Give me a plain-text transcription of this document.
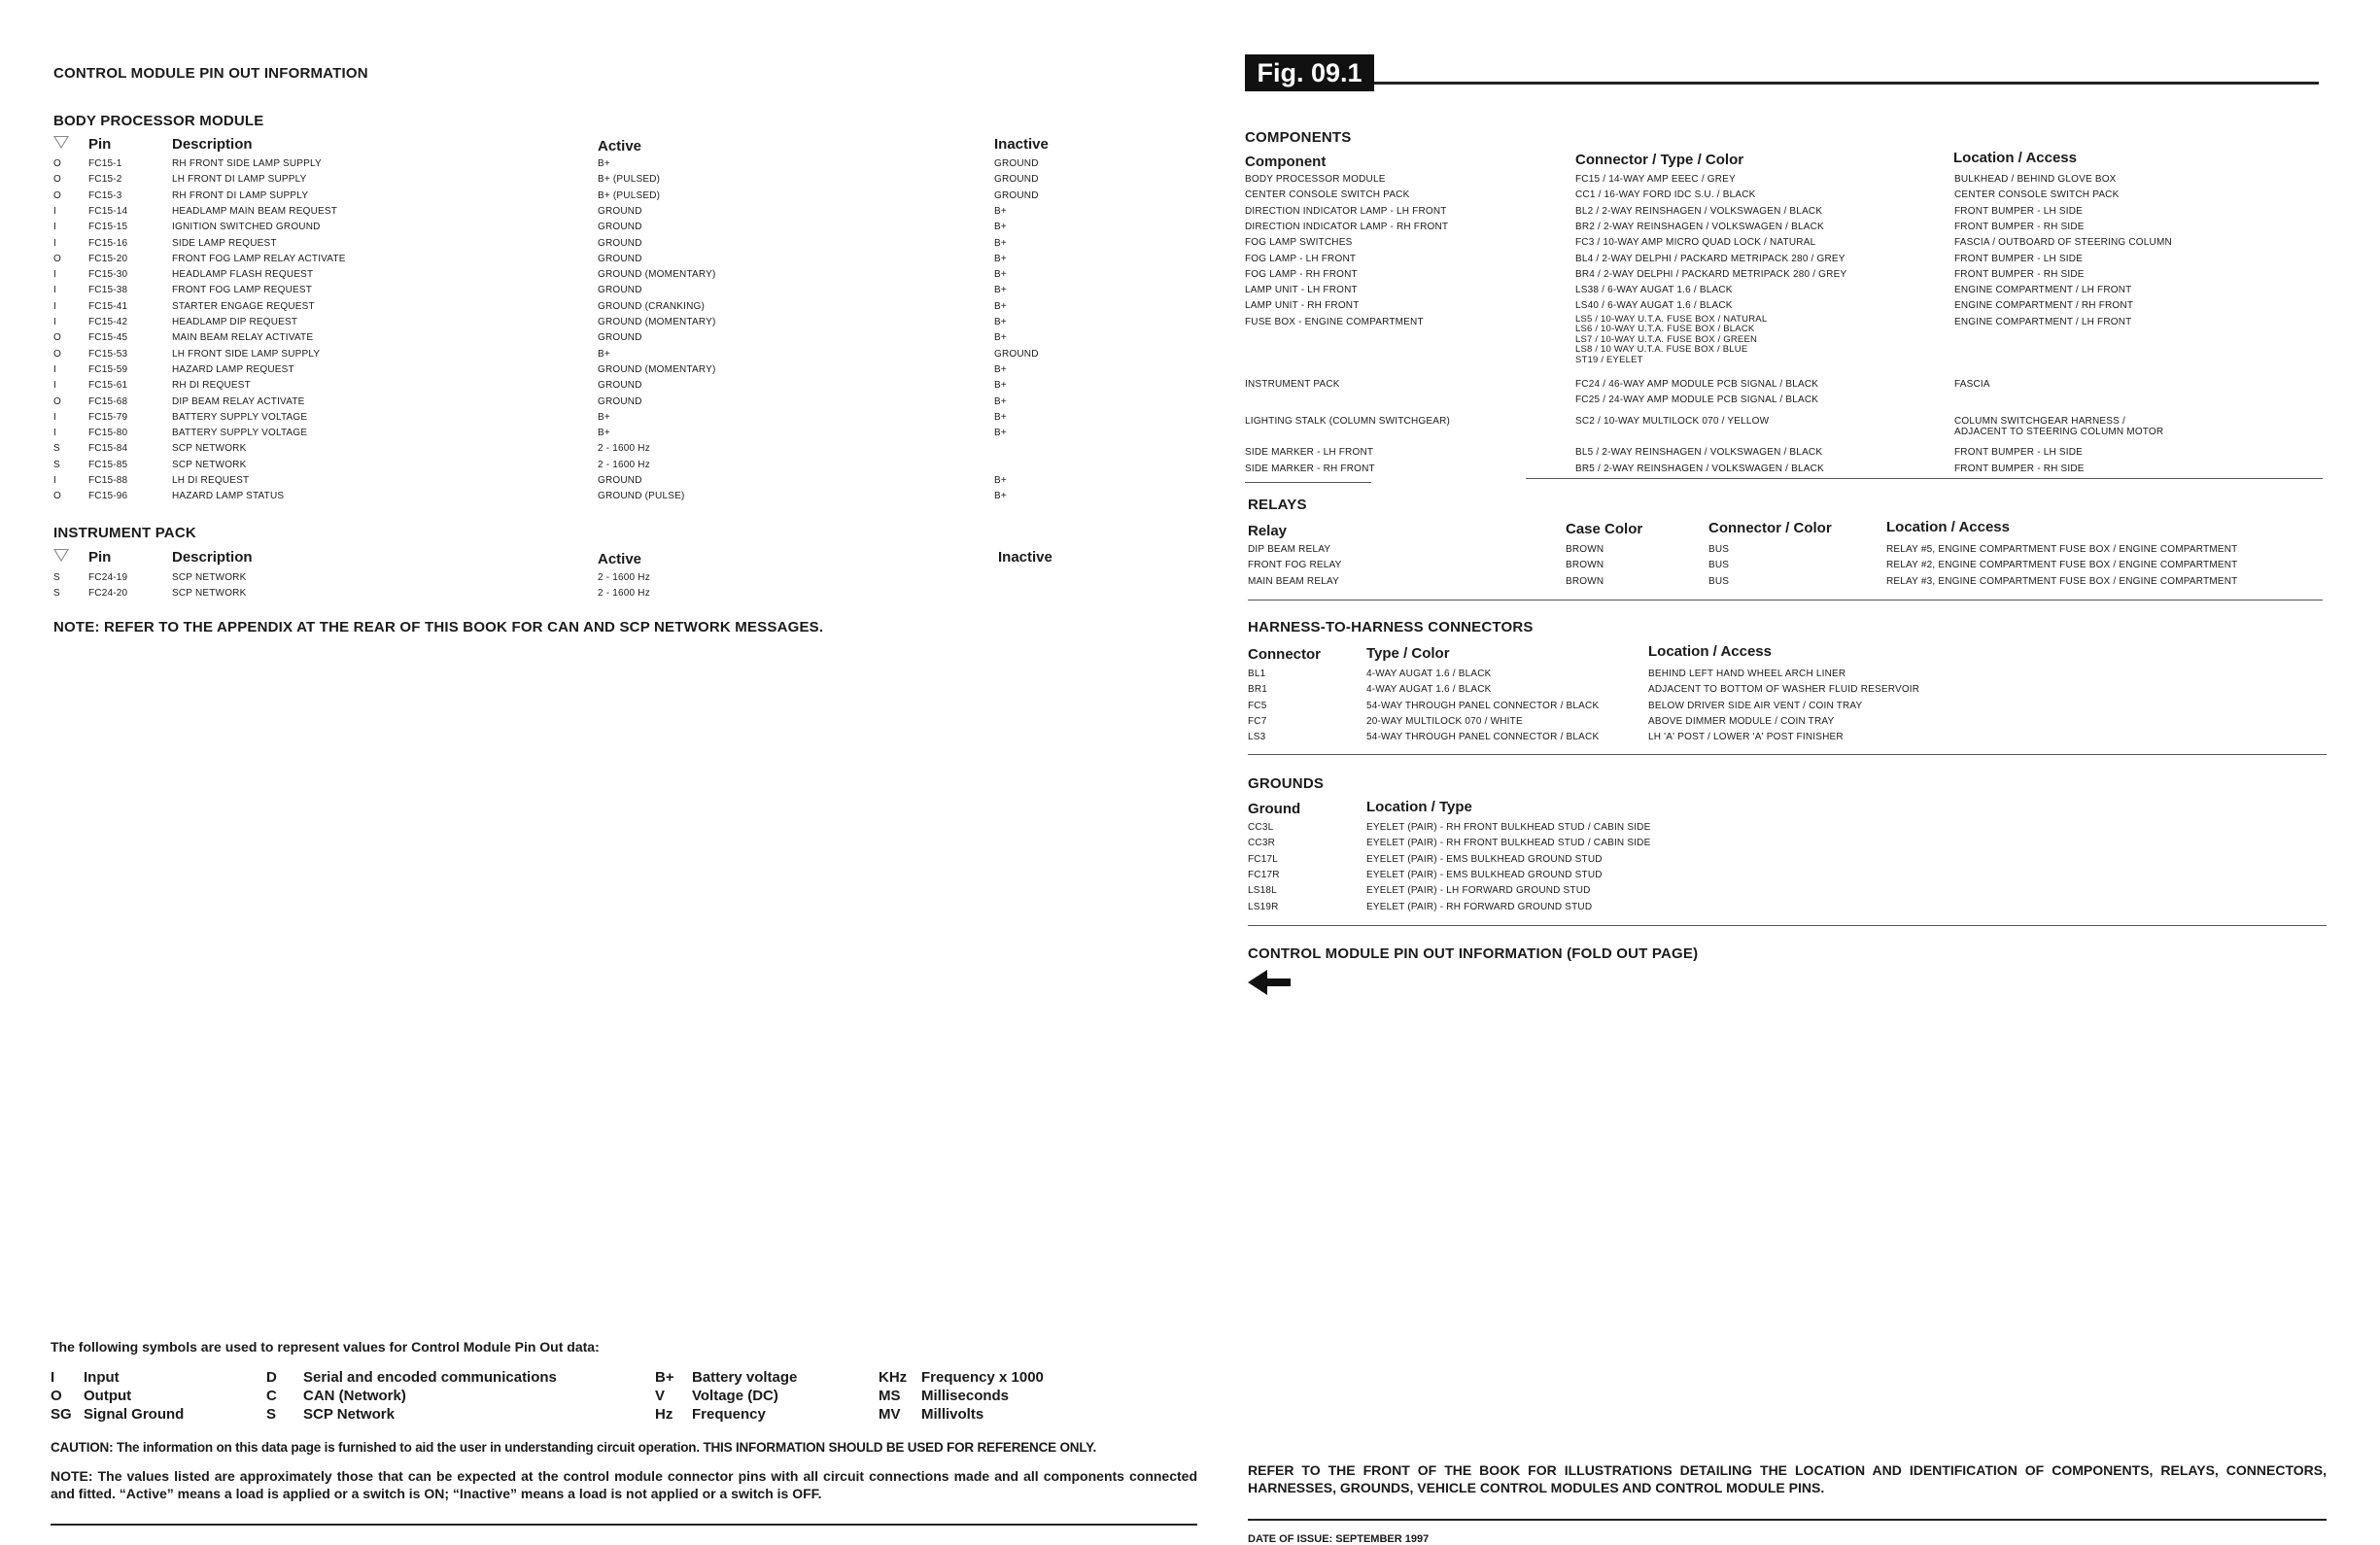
CONTROL MODULE PIN OUT INFORMATION
BODY PROCESSOR MODULE
Pin	Description	Active	Inactive
O	FC15-1	RH FRONT SIDE LAMP SUPPLY	B+	GROUND
O	FC15-2	LH FRONT DI LAMP SUPPLY	B+ (PULSED)	GROUND
O	FC15-3	RH FRONT DI LAMP SUPPLY	B+ (PULSED)	GROUND
I	FC15-14	HEADLAMP MAIN BEAM REQUEST	GROUND	B+
I	FC15-15	IGNITION SWITCHED GROUND	GROUND	B+
I	FC15-16	SIDE LAMP REQUEST	GROUND	B+
O	FC15-20	FRONT FOG LAMP RELAY ACTIVATE	GROUND	B+
I	FC15-30	HEADLAMP FLASH REQUEST	GROUND (MOMENTARY)	B+
I	FC15-38	FRONT FOG LAMP REQUEST	GROUND	B+
I	FC15-41	STARTER ENGAGE REQUEST	GROUND (CRANKING)	B+
I	FC15-42	HEADLAMP DIP REQUEST	GROUND (MOMENTARY)	B+
O	FC15-45	MAIN BEAM RELAY ACTIVATE	GROUND	B+
O	FC15-53	LH FRONT SIDE LAMP SUPPLY	B+	GROUND
I	FC15-59	HAZARD LAMP REQUEST	GROUND (MOMENTARY)	B+
I	FC15-61	RH DI REQUEST	GROUND	B+
O	FC15-68	DIP BEAM RELAY ACTIVATE	GROUND	B+
I	FC15-79	BATTERY SUPPLY VOLTAGE	B+	B+
I	FC15-80	BATTERY SUPPLY VOLTAGE	B+	B+
S	FC15-84	SCP NETWORK	2 - 1600 Hz
S	FC15-85	SCP NETWORK	2 - 1600 Hz
I	FC15-88	LH DI REQUEST	GROUND	B+
O	FC15-96	HAZARD LAMP STATUS	GROUND (PULSE)	B+
INSTRUMENT PACK
Pin	Description	Active	Inactive
S	FC24-19	SCP NETWORK	2 - 1600 Hz
S	FC24-20	SCP NETWORK	2 - 1600 Hz
NOTE: REFER TO THE APPENDIX AT THE REAR OF THIS BOOK FOR CAN AND SCP NETWORK MESSAGES.
The following symbols are used to represent values for Control Module Pin Out data:
I Input
O Output
SG Signal Ground
D Serial and encoded communications
C CAN (Network)
S SCP Network
B+ Battery voltage
V Voltage (DC)
Hz Frequency
KHz Frequency x 1000
MS Milliseconds
MV Millivolts
CAUTION: The information on this data page is furnished to aid the user in understanding circuit operation. THIS INFORMATION SHOULD BE USED FOR REFERENCE ONLY.
NOTE: The values listed are approximately those that can be expected at the control module connector pins with all circuit connections made and all components connected and fitted. “Active” means a load is applied or a switch is ON; “Inactive” means a load is not applied or a switch is OFF.
Fig. 09.1
COMPONENTS
Component	Connector / Type / Color	Location / Access
BODY PROCESSOR MODULE	FC15 / 14-WAY AMP EEEC / GREY	BULKHEAD / BEHIND GLOVE BOX
CENTER CONSOLE SWITCH PACK	CC1 / 16-WAY FORD IDC S.U. / BLACK	CENTER CONSOLE SWITCH PACK
DIRECTION INDICATOR LAMP - LH FRONT	BL2 / 2-WAY REINSHAGEN / VOLKSWAGEN / BLACK	FRONT BUMPER - LH SIDE
DIRECTION INDICATOR LAMP - RH FRONT	BR2 / 2-WAY REINSHAGEN / VOLKSWAGEN / BLACK	FRONT BUMPER - RH SIDE
FOG LAMP SWITCHES	FC3 / 10-WAY AMP MICRO QUAD LOCK / NATURAL	FASCIA / OUTBOARD OF STEERING COLUMN
FOG LAMP - LH FRONT	BL4 / 2-WAY DELPHI / PACKARD METRIPACK 280 / GREY	FRONT BUMPER - LH SIDE
FOG LAMP - RH FRONT	BR4 / 2-WAY DELPHI / PACKARD METRIPACK 280 / GREY	FRONT BUMPER - RH SIDE
LAMP UNIT - LH FRONT	LS38 / 6-WAY AUGAT 1.6 / BLACK	ENGINE COMPARTMENT / LH FRONT
LAMP UNIT - RH FRONT	LS40 / 6-WAY AUGAT 1.6 / BLACK	ENGINE COMPARTMENT / RH FRONT
FUSE BOX - ENGINE COMPARTMENT	LS5 / 10-WAY U.T.A. FUSE BOX / NATURAL
LS6 / 10-WAY U.T.A. FUSE BOX / BLACK
LS7 / 10-WAY U.T.A. FUSE BOX / GREEN
LS8 / 10 WAY U.T.A. FUSE BOX / BLUE
ST19 / EYELET
ENGINE COMPARTMENT / LH FRONT
INSTRUMENT PACK	FC24 / 46-WAY AMP MODULE PCB SIGNAL / BLACK
FC25 / 24-WAY AMP MODULE PCB SIGNAL / BLACK
FASCIA
LIGHTING STALK (COLUMN SWITCHGEAR)	SC2 / 10-WAY MULTILOCK 070 / YELLOW	COLUMN SWITCHGEAR HARNESS /
ADJACENT TO STEERING COLUMN MOTOR
SIDE MARKER - LH FRONT	BL5 / 2-WAY REINSHAGEN / VOLKSWAGEN / BLACK	FRONT BUMPER - LH SIDE
SIDE MARKER - RH FRONT	BR5 / 2-WAY REINSHAGEN / VOLKSWAGEN / BLACK	FRONT BUMPER - RH SIDE
RELAYS
Relay	Case Color	Connector / Color	Location / Access
DIP BEAM RELAY	BROWN	BUS	RELAY #5, ENGINE COMPARTMENT FUSE BOX / ENGINE COMPARTMENT
FRONT FOG RELAY	BROWN	BUS	RELAY #2, ENGINE COMPARTMENT FUSE BOX / ENGINE COMPARTMENT
MAIN BEAM RELAY	BROWN	BUS	RELAY #3, ENGINE COMPARTMENT FUSE BOX / ENGINE COMPARTMENT
HARNESS-TO-HARNESS CONNECTORS
Connector	Type / Color	Location / Access
BL1	4-WAY AUGAT 1.6 / BLACK	BEHIND LEFT HAND WHEEL ARCH LINER
BR1	4-WAY AUGAT 1.6 / BLACK	ADJACENT TO BOTTOM OF WASHER FLUID RESERVOIR
FC5	54-WAY THROUGH PANEL CONNECTOR / BLACK	BELOW DRIVER SIDE AIR VENT / COIN TRAY
FC7	20-WAY MULTILOCK 070 / WHITE	ABOVE DIMMER MODULE / COIN TRAY
LS3	54-WAY THROUGH PANEL CONNECTOR / BLACK	LH 'A' POST / LOWER 'A' POST FINISHER
GROUNDS
Ground	Location / Type
CC3L	EYELET (PAIR) - RH FRONT BULKHEAD STUD / CABIN SIDE
CC3R	EYELET (PAIR) - RH FRONT BULKHEAD STUD / CABIN SIDE
FC17L	EYELET (PAIR) - EMS BULKHEAD GROUND STUD
FC17R	EYELET (PAIR) - EMS BULKHEAD GROUND STUD
LS18L	EYELET (PAIR) - LH FORWARD GROUND STUD
LS19R	EYELET (PAIR) - RH FORWARD GROUND STUD
CONTROL MODULE PIN OUT INFORMATION (FOLD OUT PAGE)
REFER TO THE FRONT OF THE BOOK FOR ILLUSTRATIONS DETAILING THE LOCATION AND IDENTIFICATION OF COMPONENTS, RELAYS, CONNECTORS, HARNESSES, GROUNDS, VEHICLE CONTROL MODULES AND CONTROL MODULE PINS.
DATE OF ISSUE: SEPTEMBER 1997
